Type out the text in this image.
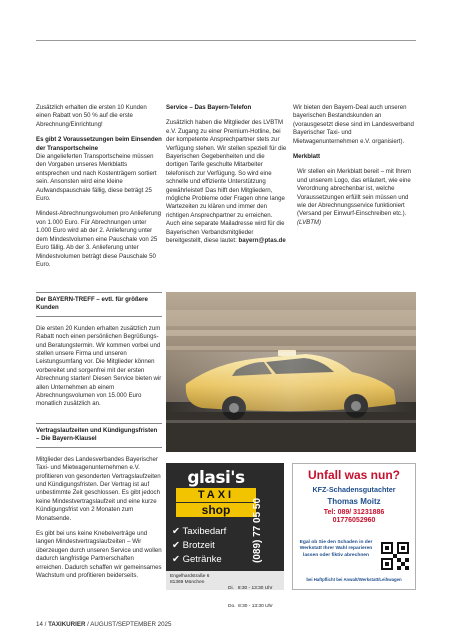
Zusätzlich erhalten die ersten 10 Kunden einen Rabatt von 50 % auf die erste Abrechnung/Einrichtung!

Es gibt 2 Voraussetzungen beim Einsenden der Transportscheine
Die angelieferten Transportscheine müssen den Vorgaben unseres Merkblatts entsprechen und nach Kostenträgern sortiert sein. Ansonsten wird eine kleine Aufwandspauschale fällig, diese beträgt 25 Euro.

Mindest-Abrechnungsvolumen pro Anlieferung von 1.000 Euro. Für Abrechnungen unter 1.000 Euro wird ab der 2. Anlieferung unter dem Mindestvolumen eine Pauschale von 25 Euro fällig. Ab der 3. Anlieferung unter Mindestvolumen beträgt diese Pauschale 50 Euro.

Service – Das Bayern-Telefon

Zusätzlich haben die Mitglieder des LVBTM e.V. Zugang zu einer Premium-Hotline, bei der kompetente Ansprechpartner stets zur Verfügung stehen. Wir stellen speziell für die Bayerischen Gegebenheiten und die dortigen Tarife geschulte Mitarbeiter telefonisch zur Verfügung. So wird eine schnelle und effiziente Unterstützung gewährleistet! Das hilft den Mitgliedern, mögliche Probleme oder Fragen ohne lange Wartezeiten zu klären und immer den richtigen Ansprechpartner zu erreichen.

Auch eine separate Mailadresse wird für die Bayerischen Verbandsmitglieder bereitgestellt, diese lautet: bayern@ptas.de

Wir bieten den Bayern-Deal auch unseren bayerischen Bestandskunden an (vorausgesetzt diese sind im Landesverband Bayerischer Taxi- und Mietwagenunternehmen e.V. organisiert).

Merkblatt

Wir stellen ein Merkblatt bereit – mit Ihrem und unserem Logo, das erläutert, wie eine Verordnung abrechenbar ist, welche Voraussetzungen erfüllt sein müssen und wie der Abrechnungsservice funktioniert (Versand per Einwurf-Einschreiben etc.).
(LVBTM)

Der BAYERN-TREFF – evtl. für größere Kunden

Die ersten 20 Kunden erhalten zusätzlich zum Rabatt noch einen persönlichen Begrüßungs- und Beratungstermin. Wir kommen vorbei und stellen unsere Firma und unseren Leistungsumfang vor. Die Mitglieder können vorbereitet und sorgenfrei mit der ersten Abrechnung starten! Diesen Service bieten wir allen Unternehmen ab einem Abrechnungsvolumen von 15.000 Euro monatlich zusätzlich an.

Vertragslaufzeiten und Kündigungsfristen – Die Bayern-Klausel

Mitglieder des Landesverbandes Bayerischer Taxi- und Mietwagenunternehmen e.V. profitieren von gesonderten Vertragslaufzeiten und Kündigungsfristen. Der Vertrag ist auf unbestimmte Zeit geschlossen. Es gibt jedoch keine Mindestvertragslaufzeit und eine kurze Kündigungsfrist von 2 Monaten zum Monatsende.

Es gibt bei uns keine Knebelverträge und langen Mindestvertragslaufzeiten – Wir überzeugen durch unseren Service und wollen dadurch langfristige Partnerschaften erreichen. Dadurch schaffen wir gemeinsames Wachstum und profitieren beiderseits.

glasi's
TAXI
shop
✔ Taxibedarf
✔ Brotzeit
✔ Getränke	(089) 77 05 50
Engelhardstraße 6
81369 München

Di.   8:30 - 13:30 Uhr

Do.  8:30 - 13:30 Uhr

Unfall was nun?
KFZ-Schadensgutachter
Thomas Moitz
Tel: 089/ 31231886
01776052960
Egal ob Sie den Schaden in der Werkstatt Ihrer Wahl reparieren lassen oder fiktiv abrechnen
bei Haftpflicht bei Anwalt/Werkstatt/Leihwagen
14 / TAXIKURIER / AUGUST/SEPTEMBER 2025
